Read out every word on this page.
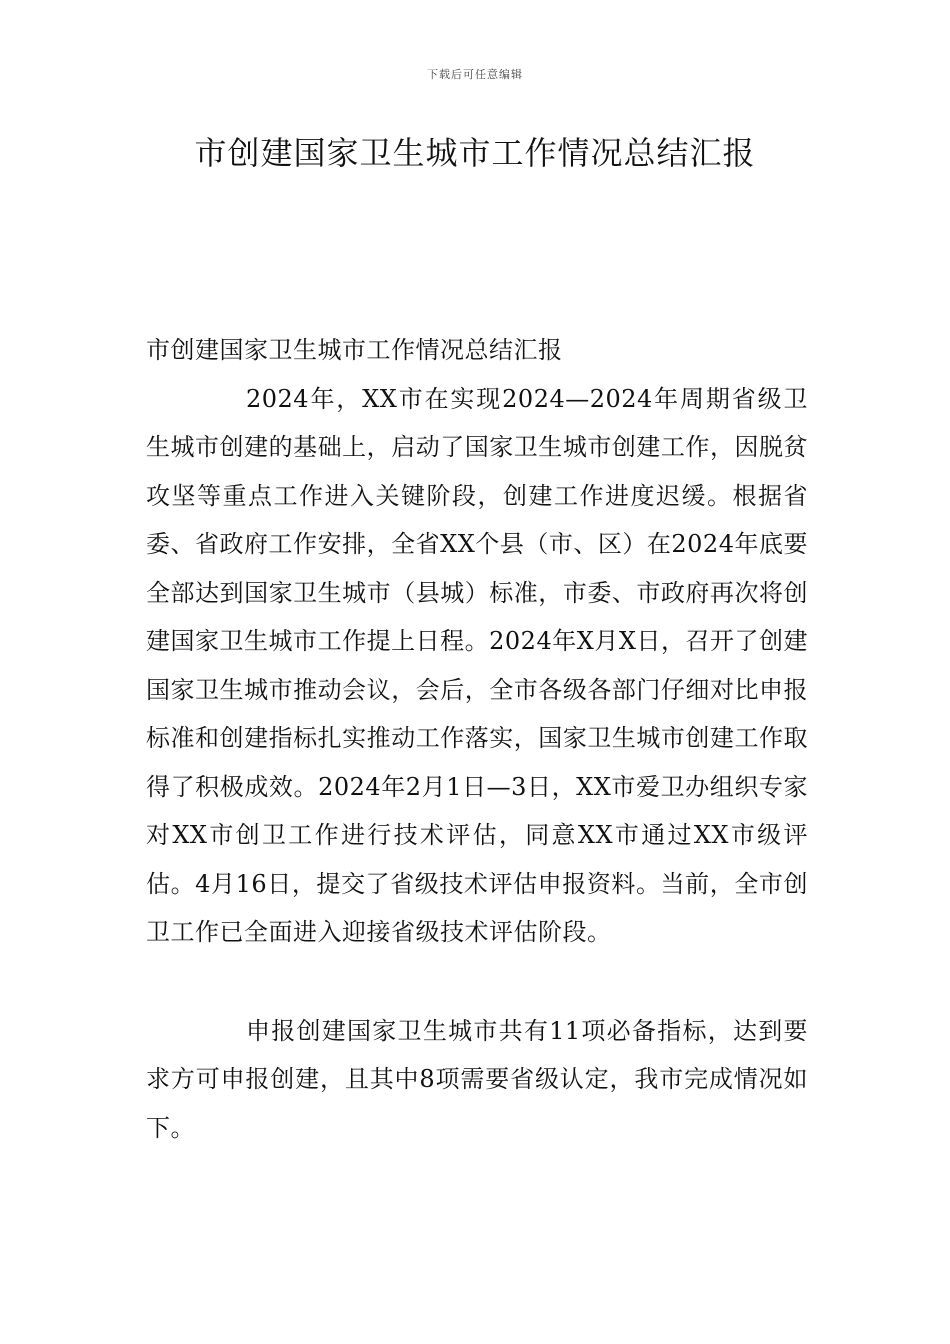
下载后可任意编辑
市创建国家卫生城市工作情况总结汇报

市创建国家卫生城市工作情况总结汇报

2024年，XX市在实现2024—2024年周期省级卫生城市创建的基础上，启动了国家卫生城市创建工作，因脱贫攻坚等重点工作进入关键阶段，创建工作进度迟缓。根据省委、省政府工作安排，全省XX个县（市、区）在2024年底要全部达到国家卫生城市（县城）标准，市委、市政府再次将创建国家卫生城市工作提上日程。2024年X月X日，召开了创建国家卫生城市推动会议，会后，全市各级各部门仔细对比申报标准和创建指标扎实推动工作落实，国家卫生城市创建工作取得了积极成效。2024年2月1日—3日，XX市爱卫办组织专家对XX市创卫工作进行技术评估，同意XX市通过XX市级评估。4月16日，提交了省级技术评估申报资料。当前，全市创卫工作已全面进入迎接省级技术评估阶段。

申报创建国家卫生城市共有11项必备指标，达到要求方可申报创建，且其中8项需要省级认定，我市完成情况如下。
